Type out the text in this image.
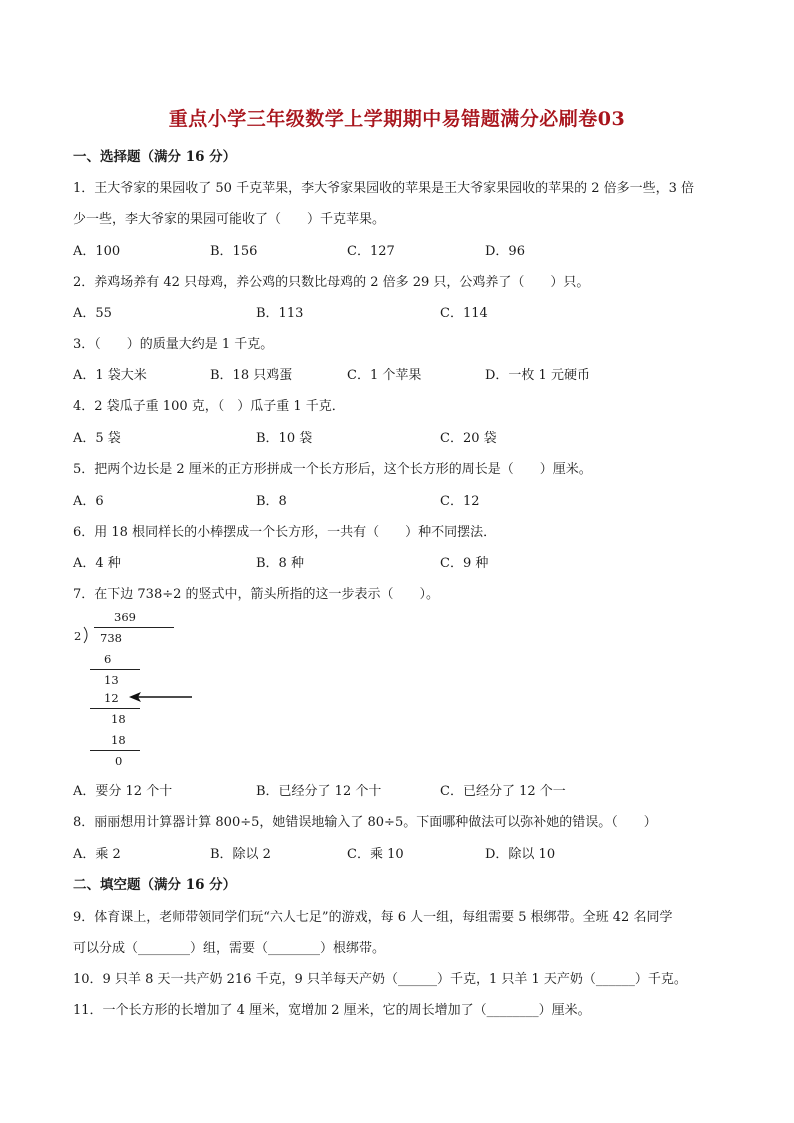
重点小学三年级数学上学期期中易错题满分必刷卷03
一、选择题（满分 16 分）
1．王大爷家的果园收了 50 千克苹果，李大爷家果园收的苹果是王大爷家果园收的苹果的 2 倍多一些，3 倍
少一些，李大爷家的果园可能收了（　　）千克苹果。
A．100	B．156	C．127	D．96
2．养鸡场养有 42 只母鸡，养公鸡的只数比母鸡的 2 倍多 29 只，公鸡养了（　　）只。
A．55	B．113	C．114
3．（　　）的质量大约是 1 千克。
A．1 袋大米	B．18 只鸡蛋	C．1 个苹果	D．一枚 1 元硬币
4．2 袋瓜子重 100 克，（　）瓜子重 1 千克．
A．5 袋	B．10 袋	C．20 袋
5．把两个边长是 2 厘米的正方形拼成一个长方形后，这个长方形的周长是（　　）厘米。
A．6	B．8	C．12
6．用 18 根同样长的小棒摆成一个长方形，一共有（　　）种不同摆法．
A．4 种	B．8 种	C．9 种
7．在下边 738÷2 的竖式中，箭头所指的这一步表示（　　）。
369
2 738
6
13
12
18
18
0
A．要分 12 个十	B．已经分了 12 个十	C．已经分了 12 个一
8．丽丽想用计算器计算 800÷5，她错误地输入了 80÷5。下面哪种做法可以弥补她的错误。（　　）
A．乘 2	B．除以 2	C．乘 10	D．除以 10
二、填空题（满分 16 分）
9．体育课上，老师带领同学们玩“六人七足”的游戏，每 6 人一组，每组需要 5 根绑带。全班 42 名同学
可以分成（________）组，需要（________）根绑带。
10．9 只羊 8 天一共产奶 216 千克，9 只羊每天产奶（______）千克，1 只羊 1 天产奶（______）千克。
11．一个长方形的长增加了 4 厘米，宽增加 2 厘米，它的周长增加了（________）厘米。
